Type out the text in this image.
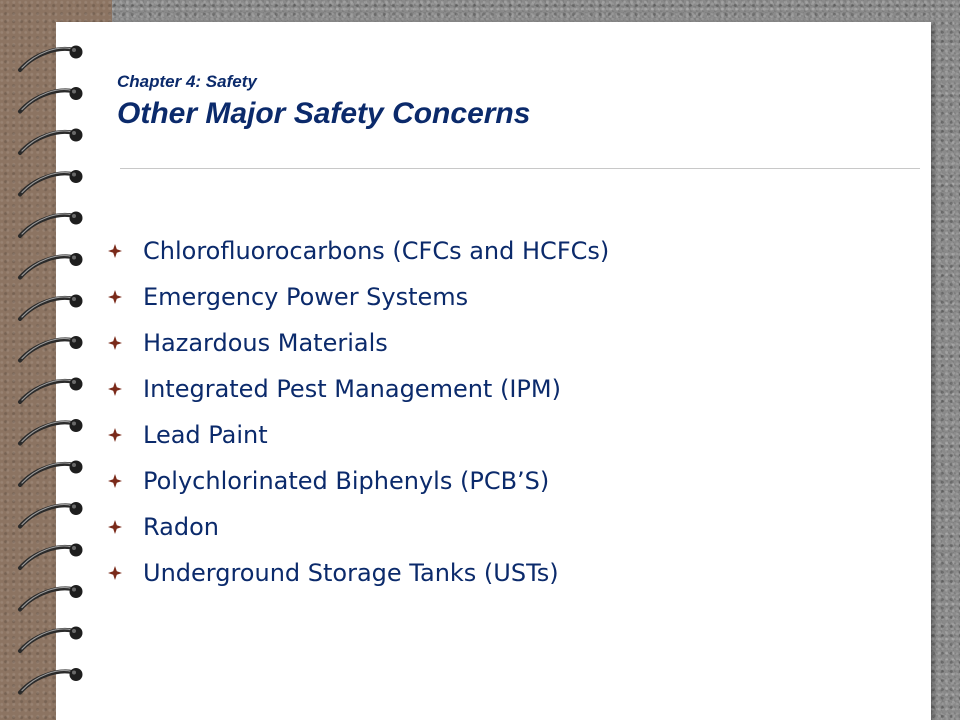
Chapter 4: Safety

Other Major Safety Concerns

Chlorofluorocarbons (CFCs and HCFCs)
Emergency Power Systems
Hazardous Materials
Integrated Pest Management (IPM)
Lead Paint
Polychlorinated Biphenyls (PCB’S)
Radon
Underground Storage Tanks (USTs)
